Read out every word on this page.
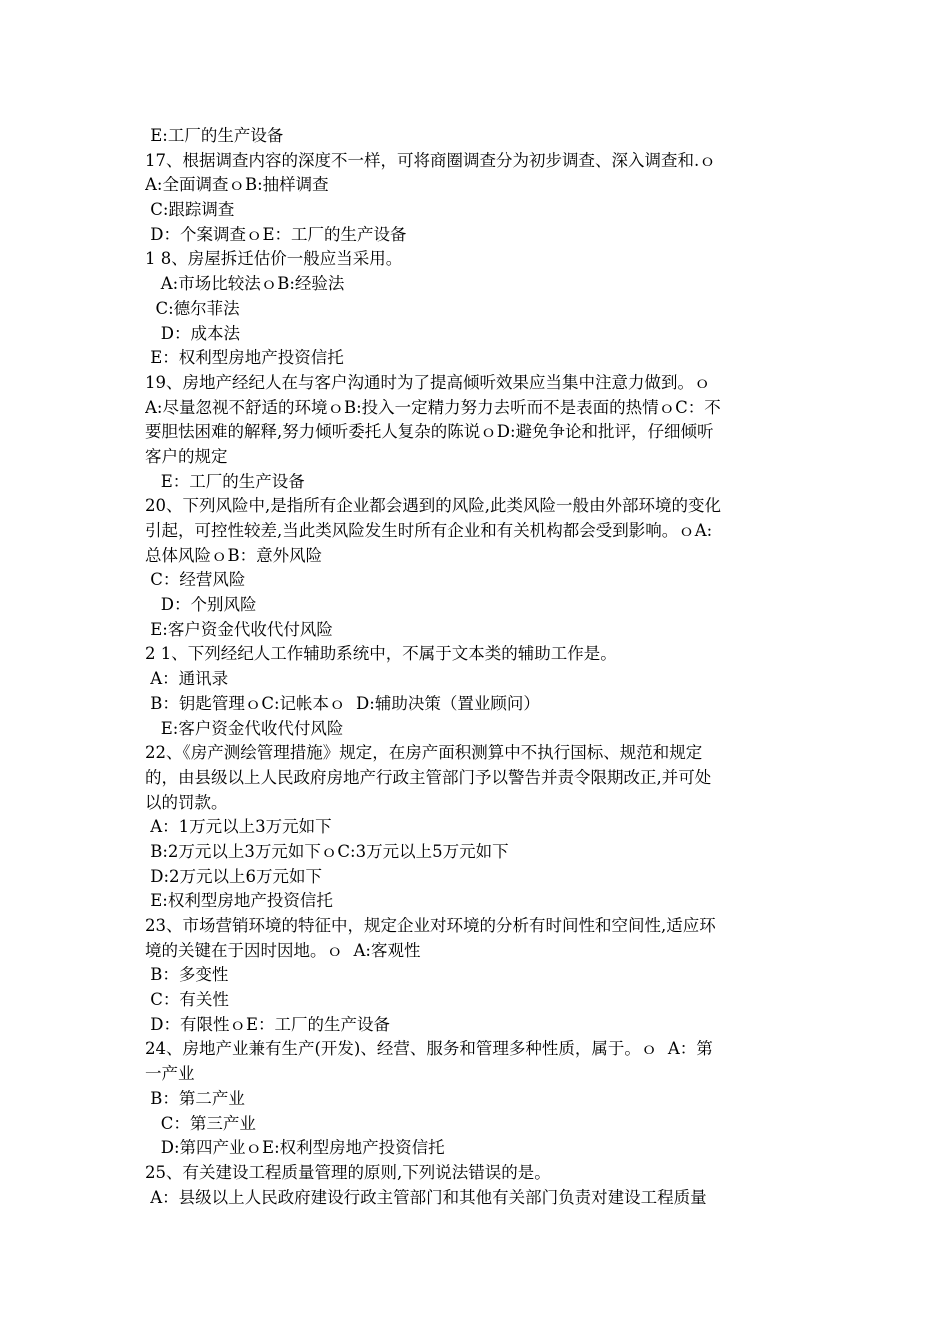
E:工厂的生产设备
17、根据调查内容的深度不一样，可将商圈调查分为初步调查、深入调查和.ｏ
A:全面调查ｏB:抽样调查
C:跟踪调查
D：个案调查ｏE：工厂的生产设备
1 8、房屋拆迁估价一般应当采用。
A:市场比较法ｏB:经验法
C:德尔菲法
D：成本法
E：权利型房地产投资信托
19、房地产经纪人在与客户沟通时为了提高倾听效果应当集中注意力做到。ｏ
A:尽量忽视不舒适的环境ｏB:投入一定精力努力去听而不是表面的热情ｏC：不
要胆怯困难的解释,努力倾听委托人复杂的陈说ｏD:避免争论和批评，仔细倾听
客户的规定
E：工厂的生产设备
20、下列风险中,是指所有企业都会遇到的风险,此类风险一般由外部环境的变化
引起，可控性较差,当此类风险发生时所有企业和有关机构都会受到影响。ｏA:
总体风险ｏB：意外风险
C：经营风险
D：个别风险
E:客户资金代收代付风险
2 1、下列经纪人工作辅助系统中，不属于文本类的辅助工作是。
A：通讯录
B：钥匙管理ｏC:记帐本ｏ  D:辅助决策（置业顾问）
E:客户资金代收代付风险
22、《房产测绘管理措施》规定，在房产面积测算中不执行国标、规范和规定
的，由县级以上人民政府房地产行政主管部门予以警告并责令限期改正,并可处
以的罚款。
A：1万元以上3万元如下
B:2万元以上3万元如下ｏC:3万元以上5万元如下
D:2万元以上6万元如下
E:权利型房地产投资信托
23、市场营销环境的特征中，规定企业对环境的分析有时间性和空间性,适应环
境的关键在于因时因地。ｏ  A:客观性
B：多变性
C：有关性
D：有限性ｏE：工厂的生产设备
24、房地产业兼有生产(开发)、经营、服务和管理多种性质，属于。ｏ  A：第
一产业
B：第二产业
C：第三产业
D:第四产业ｏE:权利型房地产投资信托
25、有关建设工程质量管理的原则,下列说法错误的是。
A：县级以上人民政府建设行政主管部门和其他有关部门负责对建设工程质量
